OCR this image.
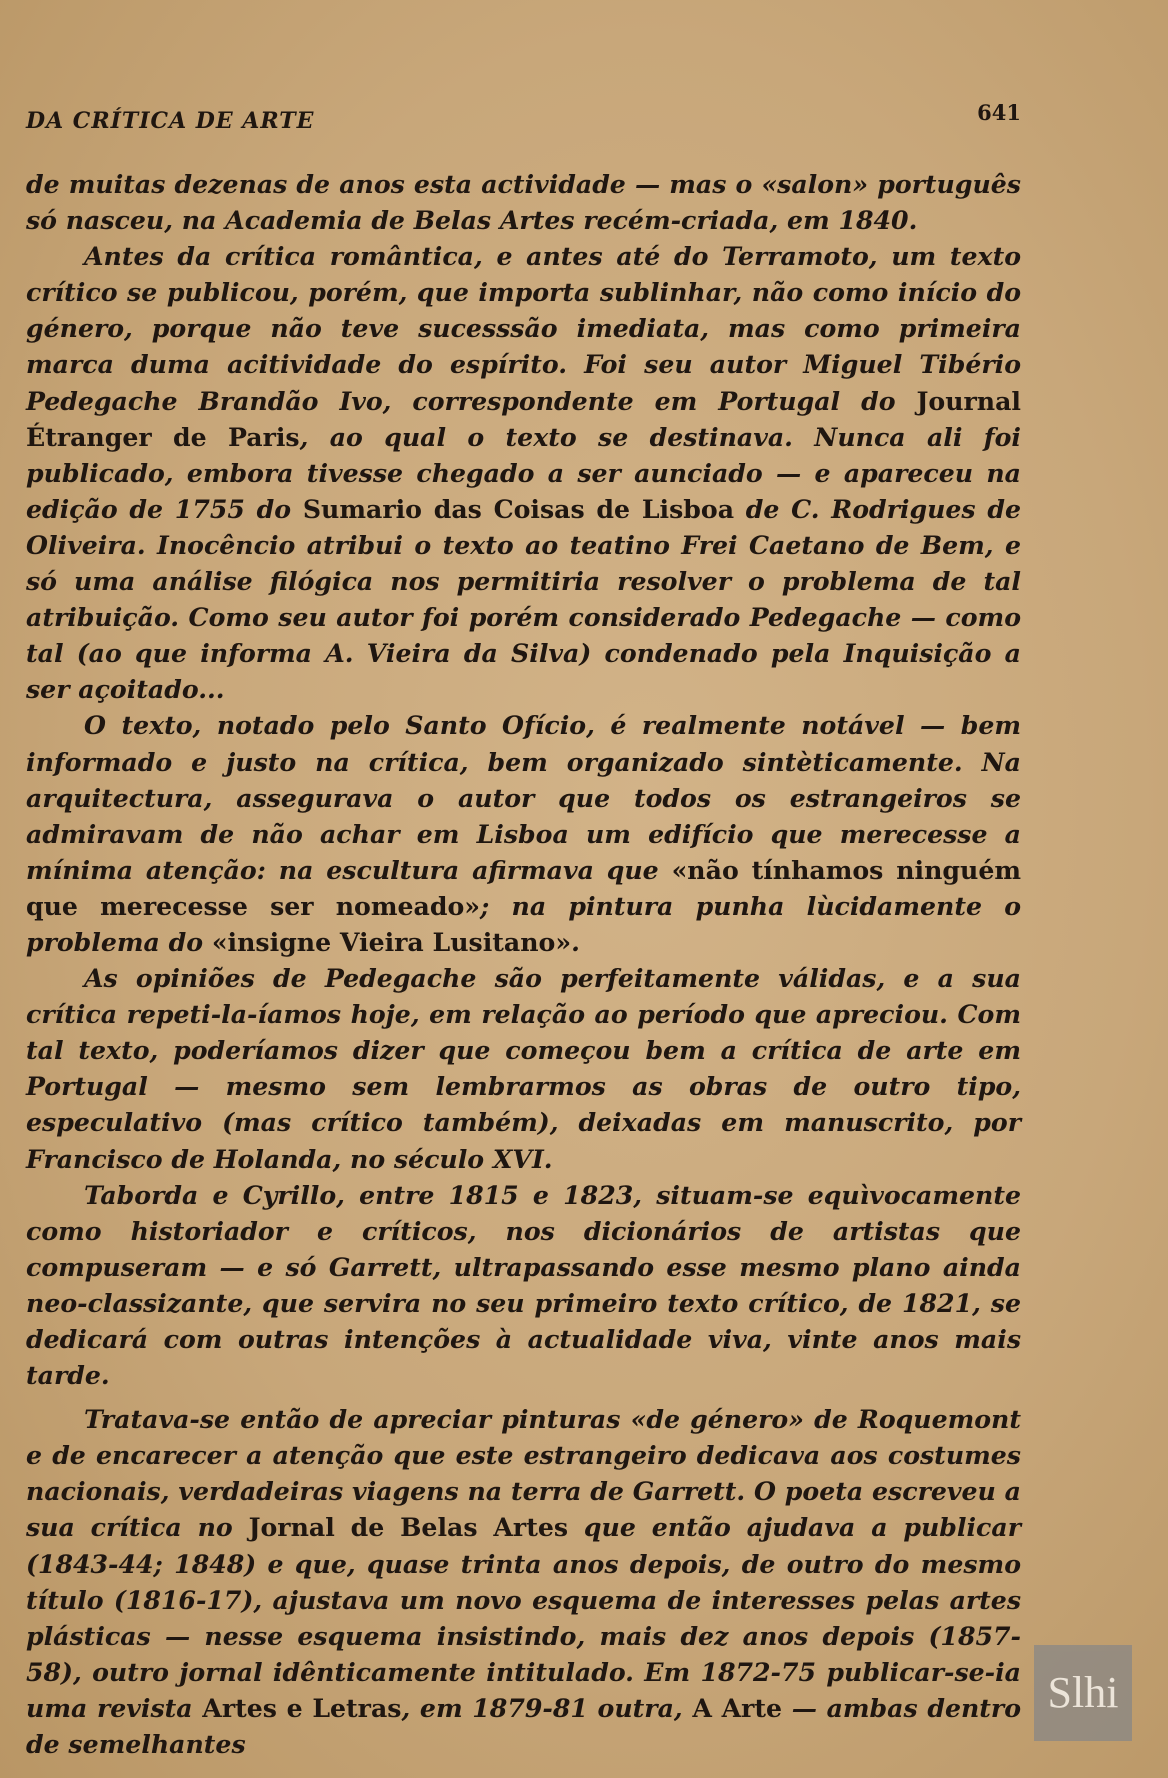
DA CRÍTICA DE ARTE	641

de muitas dezenas de anos esta actividade — mas o «salon» português só nasceu, na Academia de Belas Artes recém-criada, em 1840.

Antes da crítica romântica, e antes até do Terramoto, um texto crítico se publicou, porém, que importa sublinhar, não como início do género, porque não teve sucesssão imediata, mas como primeira marca duma acitividade do espírito. Foi seu autor Miguel Tibério Pedegache Brandão Ivo, correspondente em Portugal do Journal Étranger de Paris, ao qual o texto se destinava. Nunca ali foi publicado, embora tivesse chegado a ser aunciado — e apareceu na edição de 1755 do Sumario das Coisas de Lisboa de C. Rodrigues de Oliveira. Inocêncio atribui o texto ao teatino Frei Caetano de Bem, e só uma análise filógica nos permitiria resolver o problema de tal atribuição. Como seu autor foi porém considerado Pedegache — como tal (ao que informa A. Vieira da Silva) condenado pela Inquisição a ser açoitado...

O texto, notado pelo Santo Ofício, é realmente notável — bem informado e justo na crítica, bem organizado sintèticamente. Na arquitectura, assegurava o autor que todos os estrangeiros se admiravam de não achar em Lisboa um edifício que merecesse a mínima atenção: na escultura afirmava que «não tínhamos ninguém que merecesse ser nomeado»; na pintura punha lùcidamente o problema do «insigne Vieira Lusitano».

As opiniões de Pedegache são perfeitamente válidas, e a sua crítica repeti-la-íamos hoje, em relação ao período que apreciou. Com tal texto, poderíamos dizer que começou bem a crítica de arte em Portugal — mesmo sem lembrarmos as obras de outro tipo, especulativo (mas crítico também), deixadas em manuscrito, por Francisco de Holanda, no século XVI.

Taborda e Cyrillo, entre 1815 e 1823, situam-se equìvocamente como historiador e críticos, nos dicionários de artistas que compuseram — e só Garrett, ultrapassando esse mesmo plano ainda neo-classizante, que servira no seu primeiro texto crítico, de 1821, se dedicará com outras intenções à actualidade viva, vinte anos mais tarde.

Tratava-se então de apreciar pinturas «de género» de Roquemont e de encarecer a atenção que este estrangeiro dedicava aos costumes nacionais, verdadeiras viagens na terra de Garrett. O poeta escreveu a sua crítica no Jornal de Belas Artes que então ajudava a publicar (1843-44; 1848) e que, quase trinta anos depois, de outro do mesmo título (1816-17), ajustava um novo esquema de interesses pelas artes plásticas — nesse esquema insistindo, mais dez anos depois (1857-58), outro jornal idênticamente intitulado. Em 1872-75 publicar-se-ia uma revista Artes e Letras, em 1879-81 outra, A Arte — ambas dentro de semelhantes

Slhi
